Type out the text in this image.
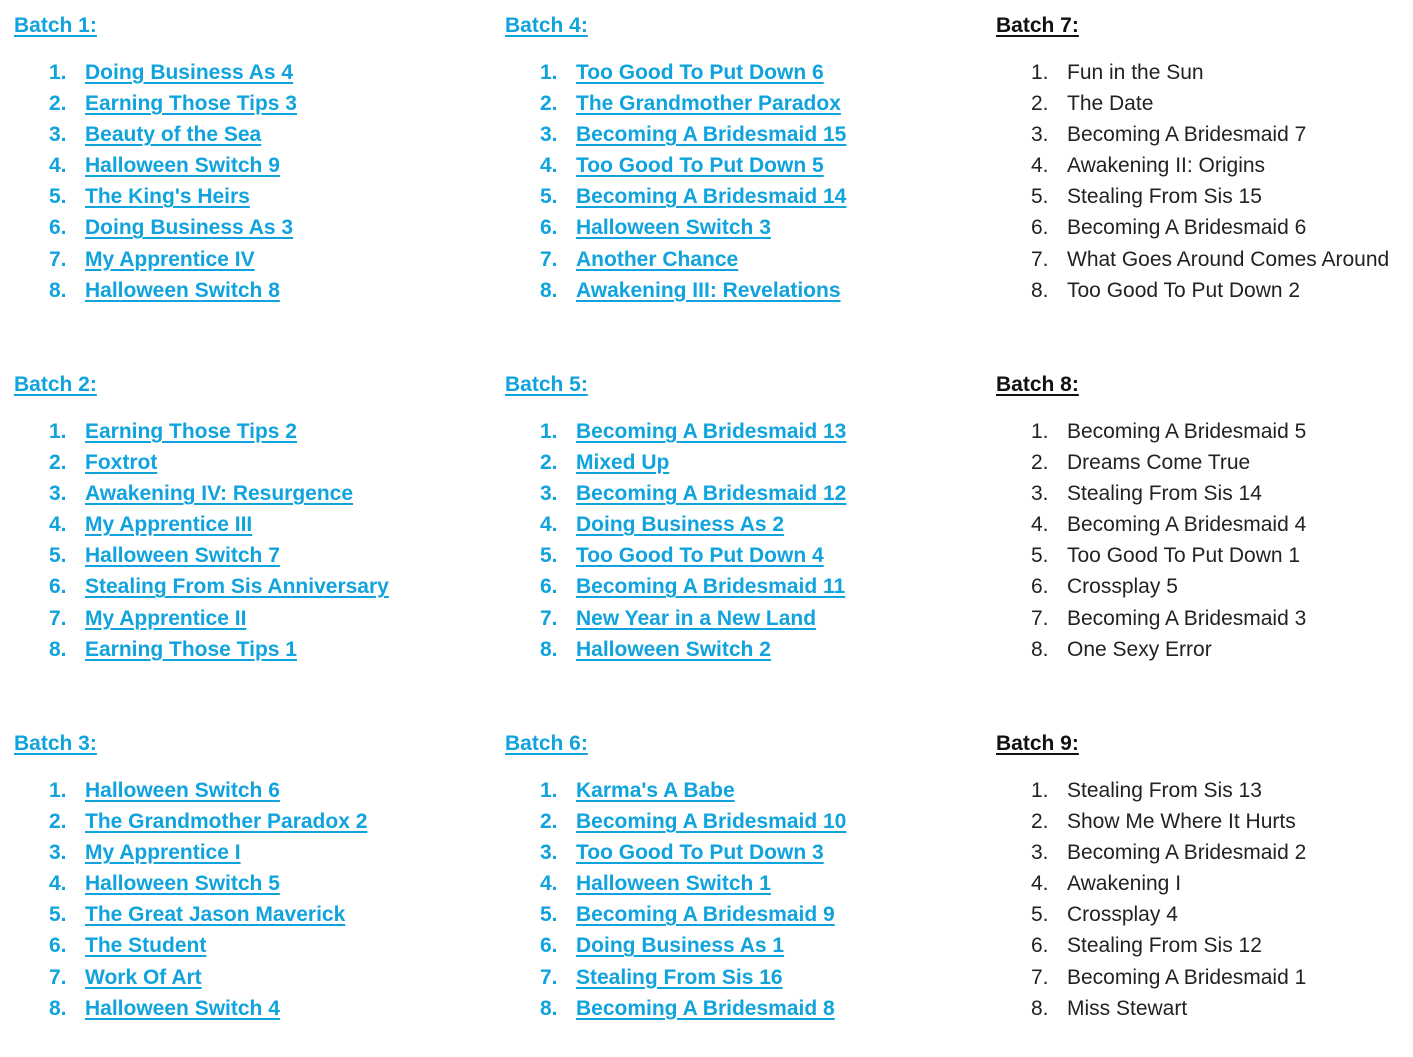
Batch 1:
1. Doing Business As 4
2. Earning Those Tips 3
3. Beauty of the Sea
4. Halloween Switch 9
5. The King's Heirs
6. Doing Business As 3
7. My Apprentice IV
8. Halloween Switch 8
Batch 2:
1. Earning Those Tips 2
2. Foxtrot
3. Awakening IV: Resurgence
4. My Apprentice III
5. Halloween Switch 7
6. Stealing From Sis Anniversary
7. My Apprentice II
8. Earning Those Tips 1
Batch 3:
1. Halloween Switch 6
2. The Grandmother Paradox 2
3. My Apprentice I
4. Halloween Switch 5
5. The Great Jason Maverick
6. The Student
7. Work Of Art
8. Halloween Switch 4
Batch 4:
1. Too Good To Put Down 6
2. The Grandmother Paradox
3. Becoming A Bridesmaid 15
4. Too Good To Put Down 5
5. Becoming A Bridesmaid 14
6. Halloween Switch 3
7. Another Chance
8. Awakening III: Revelations
Batch 5:
1. Becoming A Bridesmaid 13
2. Mixed Up
3. Becoming A Bridesmaid 12
4. Doing Business As 2
5. Too Good To Put Down 4
6. Becoming A Bridesmaid 11
7. New Year in a New Land
8. Halloween Switch 2
Batch 6:
1. Karma's A Babe
2. Becoming A Bridesmaid 10
3. Too Good To Put Down 3
4. Halloween Switch 1
5. Becoming A Bridesmaid 9
6. Doing Business As 1
7. Stealing From Sis 16
8. Becoming A Bridesmaid 8
Batch 7:
1. Fun in the Sun
2. The Date
3. Becoming A Bridesmaid 7
4. Awakening II: Origins
5. Stealing From Sis 15
6. Becoming A Bridesmaid 6
7. What Goes Around Comes Around
8. Too Good To Put Down 2
Batch 8:
1. Becoming A Bridesmaid 5
2. Dreams Come True
3. Stealing From Sis 14
4. Becoming A Bridesmaid 4
5. Too Good To Put Down 1
6. Crossplay 5
7. Becoming A Bridesmaid 3
8. One Sexy Error
Batch 9:
1. Stealing From Sis 13
2. Show Me Where It Hurts
3. Becoming A Bridesmaid 2
4. Awakening I
5. Crossplay 4
6. Stealing From Sis 12
7. Becoming A Bridesmaid 1
8. Miss Stewart
